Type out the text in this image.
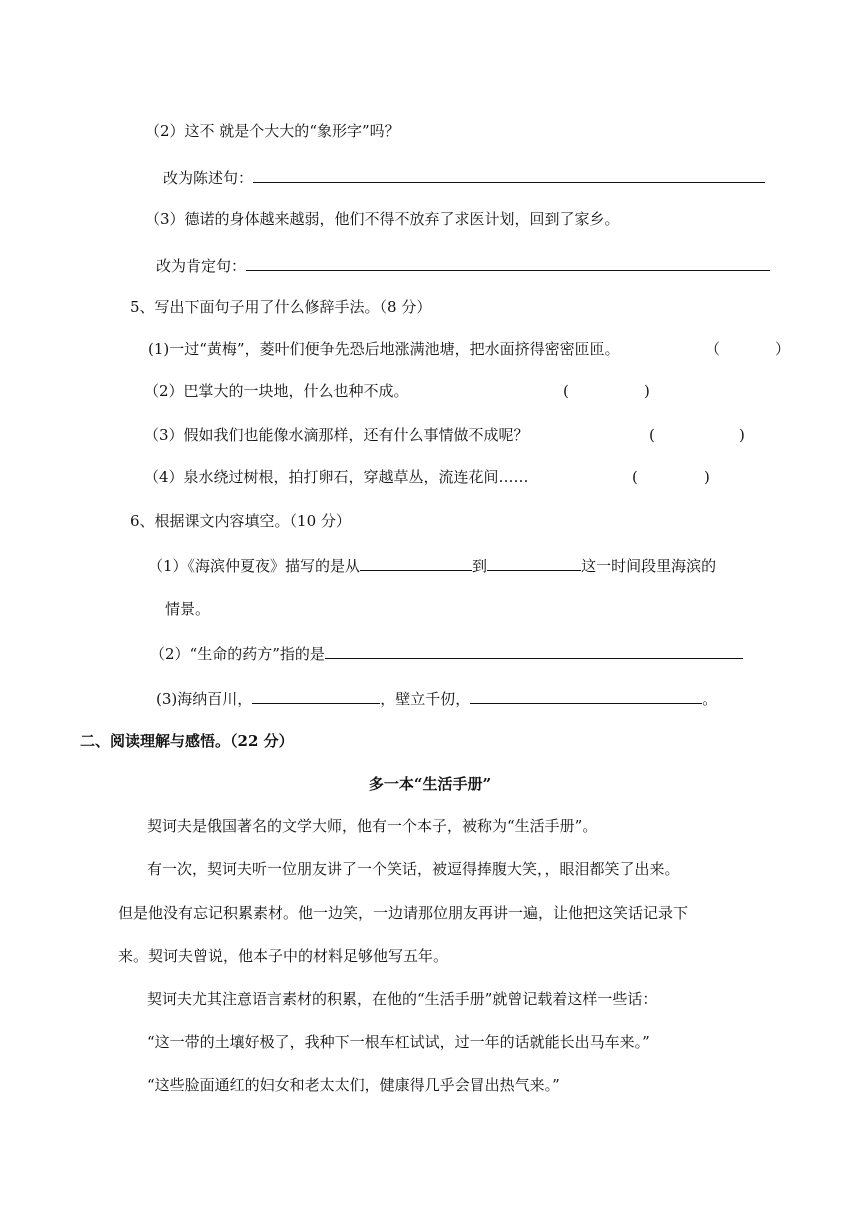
（2）这不 就是个大大的“象形字”吗？
改为陈述句：
（3）德诺的身体越来越弱，他们不得不放弃了求医计划，回到了家乡。
改为肯定句：
5、写出下面句子用了什么修辞手法。（8 分）
(1)一过“黄梅”，菱叶们便争先恐后地涨满池塘，把水面挤得密密匝匝。	（	）
（2）巴掌大的一块地，什么也种不成。	(	)
（3）假如我们也能像水滴那样，还有什么事情做不成呢？	(	)
（4）泉水绕过树根，拍打卵石，穿越草丛，流连花间……	(	)
6、根据课文内容填空。（10 分）
（1）《海滨仲夏夜》描写的是从	到	这一时间段里海滨的
情景。
（2）“生命的药方”指的是
(3)海纳百川，	，壁立千仞，	。
二、阅读理解与感悟。（22 分）
多一本“生活手册”
契诃夫是俄国著名的文学大师，他有一个本子，被称为“生活手册”。
有一次，契诃夫听一位朋友讲了一个笑话，被逗得捧腹大笑，，眼泪都笑了出来。
但是他没有忘记积累素材。他一边笑，一边请那位朋友再讲一遍，让他把这笑话记录下
来。契诃夫曾说，他本子中的材料足够他写五年。
契诃夫尤其注意语言素材的积累，在他的“生活手册”就曾记载着这样一些话：
“这一带的土壤好极了，我种下一根车杠试试，过一年的话就能长出马车来。”
“这些脸面通红的妇女和老太太们，健康得几乎会冒出热气来。”
